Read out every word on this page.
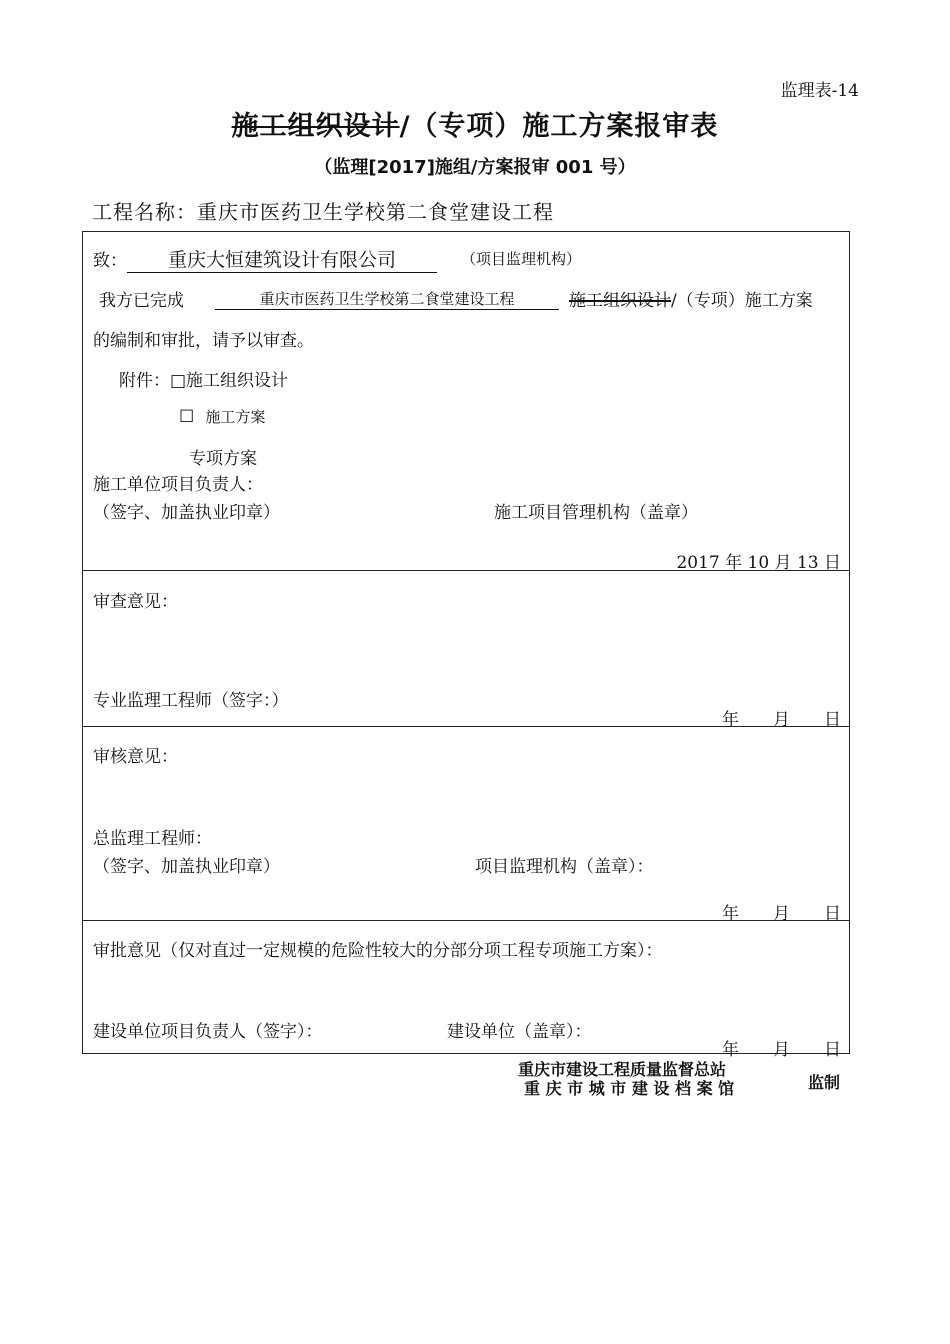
监理表-14
施工组织设计/（专项）施工方案报审表
（监理[2017]施组/方案报审 001 号）
工程名称：重庆市医药卫生学校第二食堂建设工程
致： 重庆大恒建筑设计有限公司	（项目监理机构）
我方已完成	重庆市医药卫生学校第二食堂建设工程	施工组织设计/（专项）施工方案
的编制和审批，请予以审查。
附件：□施工组织设计
☐ 施工方案
专项方案
施工单位项目负责人：
（签字、加盖执业印章）	施工项目管理机构（盖章）
2017 年 10 月 13 日
审查意见：
专业监理工程师（签字：）
年　　月　　日
审核意见：
总监理工程师：
（签字、加盖执业印章）	项目监理机构（盖章）：
年　　月　　日
审批意见（仅对直过一定规模的危险性较大的分部分项工程专项施工方案）：
建设单位项目负责人（签字）：	建设单位（盖章）：
年　　月　　日
重庆市建设工程质量监督总站
重 庆 市 城 市 建 设 档 案 馆	监制
